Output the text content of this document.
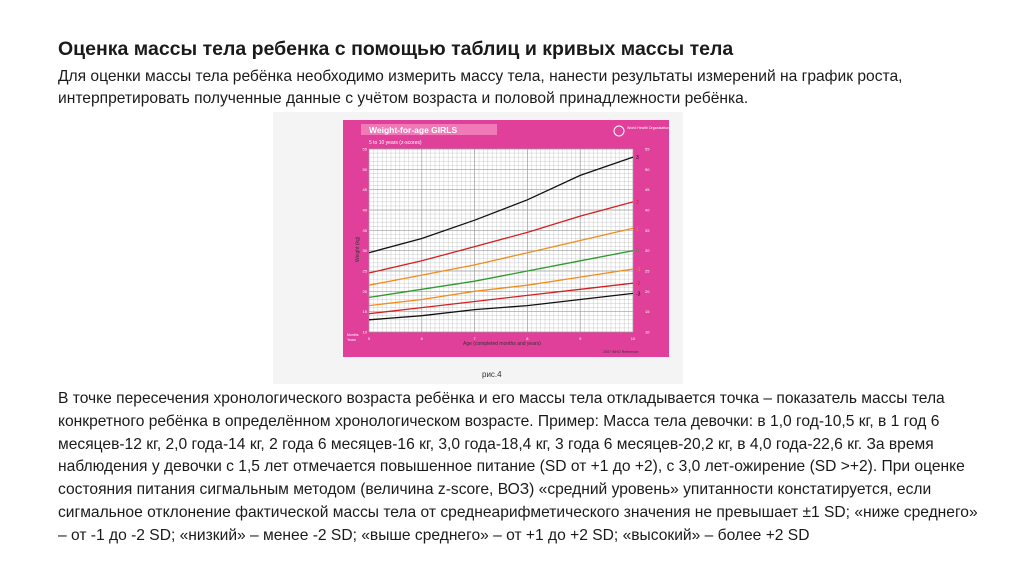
Оценка массы тела ребенка с помощью таблиц и кривых массы тела
Для оценки массы тела ребёнка необходимо измерить массу тела, нанести результаты измерений на график роста, интерпретировать полученные данные с учётом возраста и половой принадлежности ребёнка.
Weight-for-age GIRLS
5 to 10 years (z-scores)
World Health Organization
10
15
20
25
30
35
40
45
50
55
10
15
20
25
30
35
40
45
50
55
5	6	7	8	9	10
3
2
1
0
-1
-2
-3
Weight (kg)
Months
Years
Age (completed months and years)
2007 WHO Reference
рис.4
В точке пересечения хронологического возраста ребёнка и его массы тела откладывается точка – показатель массы тела конкретного ребёнка в определённом хронологическом возрасте. Пример: Масса тела девочки: в 1,0 год-10,5 кг, в 1 год 6 месяцев-12 кг, 2,0 года-14 кг, 2 года 6 месяцев-16 кг, 3,0 года-18,4 кг, 3 года 6 месяцев-20,2 кг, в 4,0 года-22,6 кг. За время наблюдения у девочки с 1,5 лет отмечается повышенное питание (SD от +1 до +2), с 3,0 лет-ожирение (SD >+2). При оценке состояния питания сигмальным методом (величина z-score, ВОЗ) «средний уровень» упитанности констатируется, если сигмальное отклонение фактической массы тела от среднеарифметического значения не превышает ±1 SD; «ниже среднего» – от -1 до -2 SD; «низкий» – менее -2 SD; «выше среднего» – от +1 до +2 SD; «высокий» – более +2 SD
